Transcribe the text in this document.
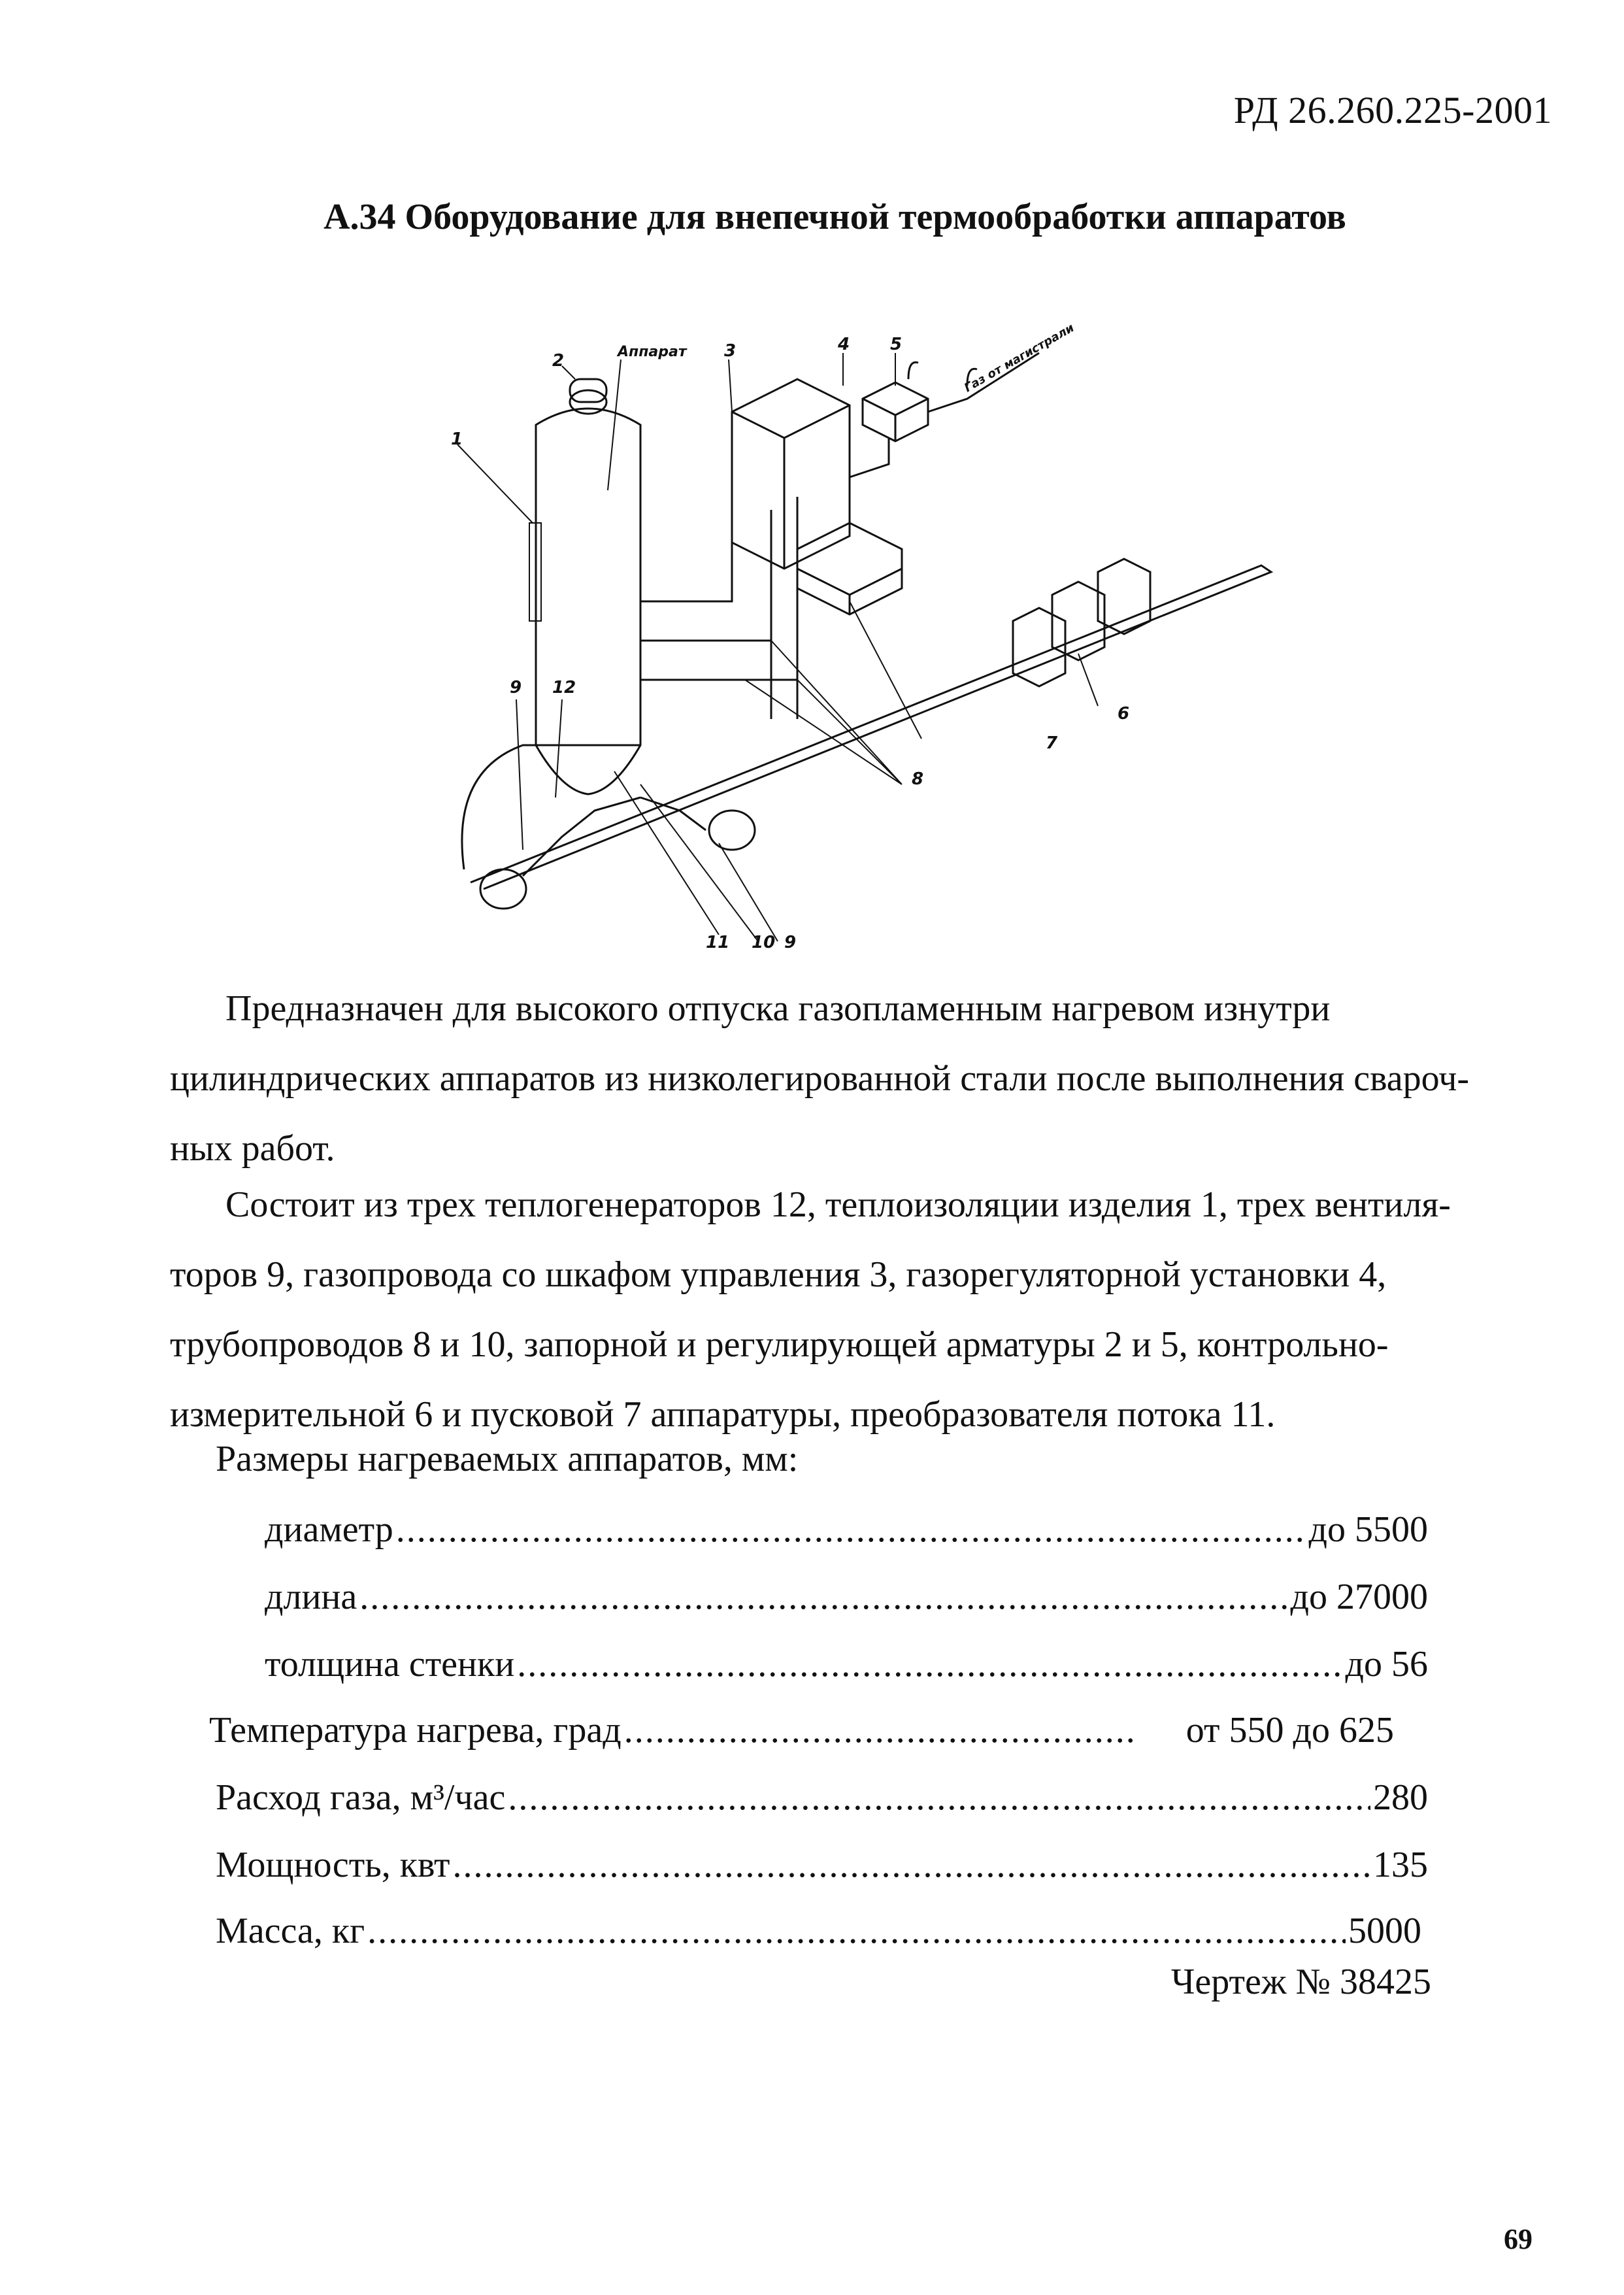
РД 26.260.225-2001
А.34 Оборудование для внепечной термообработки аппаратов
2	Аппарат 3	4 5	Газ от магистрали
1
9 12
8
7
6
11 10 9

Предназначен для высокого отпуска газопламенным нагревом изнутри

цилиндрических аппаратов из низколегированной стали после выполнения свароч-

ных работ.

Состоит из трех теплогенераторов 12, теплоизоляции изделия 1, трех вентиля-

торов 9, газопровода со шкафом управления 3, газорегуляторной установки 4,

трубопроводов 8 и 10, запорной и регулирующей арматуры 2 и 5, контрольно-

измерительной 6 и пусковой 7 аппаратуры, преобразователя потока 11.

Размеры нагреваемых аппаратов, мм:
диаметр .....	до 5500
длина .....	до 27000
толщина стенки .....	до 56
Температура нагрева, град .....	от 550 до 625
Расход газа, м³/час .....	280
Мощность, квт .....	135
Масса, кг .....	5000
Чертеж № 38425
69
